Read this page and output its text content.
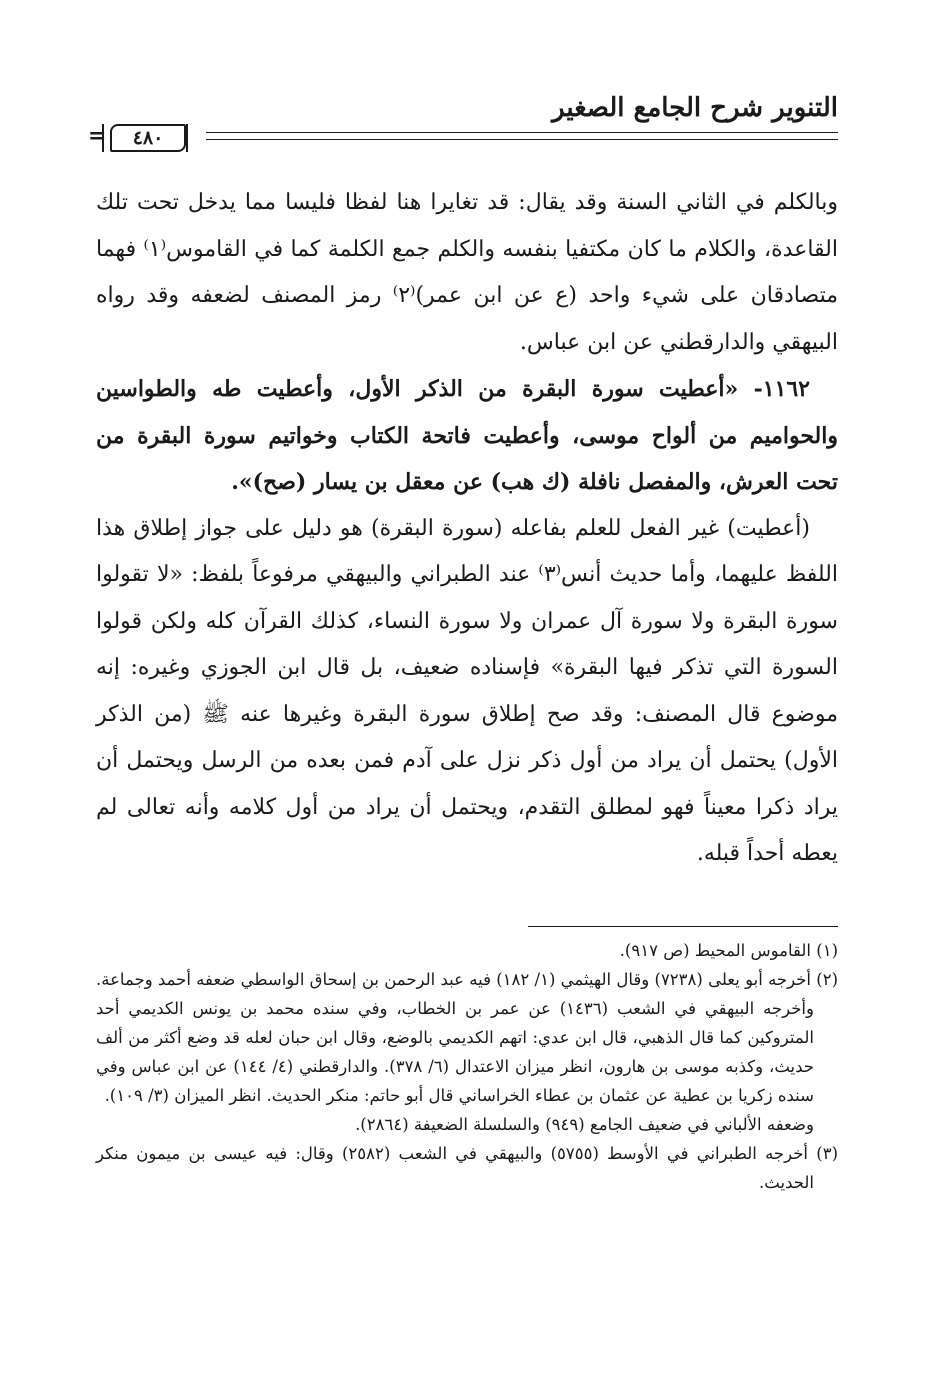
التنوير شرح الجامع الصغير
=	٤٨٠

وبالكلم في الثاني السنة وقد يقال: قد تغايرا هنا لفظا فليسا مما يدخل تحت تلك القاعدة، والكلام ما كان مكتفيا بنفسه والكلم جمع الكلمة كما في القاموس⁽١⁾ فهما متصادقان على شيء واحد (ع عن ابن عمر)⁽٢⁾ رمز المصنف لضعفه وقد رواه البيهقي والدارقطني عن ابن عباس.

١١٦٢- «أعطيت سورة البقرة من الذكر الأول، وأعطيت طه والطواسين والحواميم من ألواح موسى، وأعطيت فاتحة الكتاب وخواتيم سورة البقرة من تحت العرش، والمفصل نافلة (ك هب) عن معقل بن يسار (صح)».

(أعطيت) غير الفعل للعلم بفاعله (سورة البقرة) هو دليل على جواز إطلاق هذا اللفظ عليهما، وأما حديث أنس⁽٣⁾ عند الطبراني والبيهقي مرفوعاً بلفظ: «لا تقولوا سورة البقرة ولا سورة آل عمران ولا سورة النساء، كذلك القرآن كله ولكن قولوا السورة التي تذكر فيها البقرة» فإسناده ضعيف، بل قال ابن الجوزي وغيره: إنه موضوع قال المصنف: وقد صح إطلاق سورة البقرة وغيرها عنه ﷺ (من الذكر الأول) يحتمل أن يراد من أول ذكر نزل على آدم فمن بعده من الرسل ويحتمل أن يراد ذكرا معيناً فهو لمطلق التقدم، ويحتمل أن يراد من أول كلامه وأنه تعالى لم يعطه أحداً قبله.

(١) القاموس المحيط (ص ٩١٧).

(٢) أخرجه أبو يعلى (٧٢٣٨) وقال الهيثمي (١/ ١٨٢) فيه عبد الرحمن بن إسحاق الواسطي ضعفه أحمد وجماعة. وأخرجه البيهقي في الشعب (١٤٣٦) عن عمر بن الخطاب، وفي سنده محمد بن يونس الكديمي أحد المتروكين كما قال الذهبي، قال ابن عدي: اتهم الكديمي بالوضع، وقال ابن حبان لعله قد وضع أكثر من ألف حديث، وكذبه موسى بن هارون، انظر ميزان الاعتدال (٦/ ٣٧٨). والدارقطني (٤/ ١٤٤) عن ابن عباس وفي سنده زكريا بن عطية عن عثمان بن عطاء الخراساني قال أبو حاتم: منكر الحديث. انظر الميزان (٣/ ١٠٩).

وضعفه الألباني في ضعيف الجامع (٩٤٩) والسلسلة الضعيفة (٢٨٦٤).

(٣) أخرجه الطبراني في الأوسط (٥٧٥٥) والبيهقي في الشعب (٢٥٨٢) وقال: فيه عيسى بن ميمون منكر الحديث.
